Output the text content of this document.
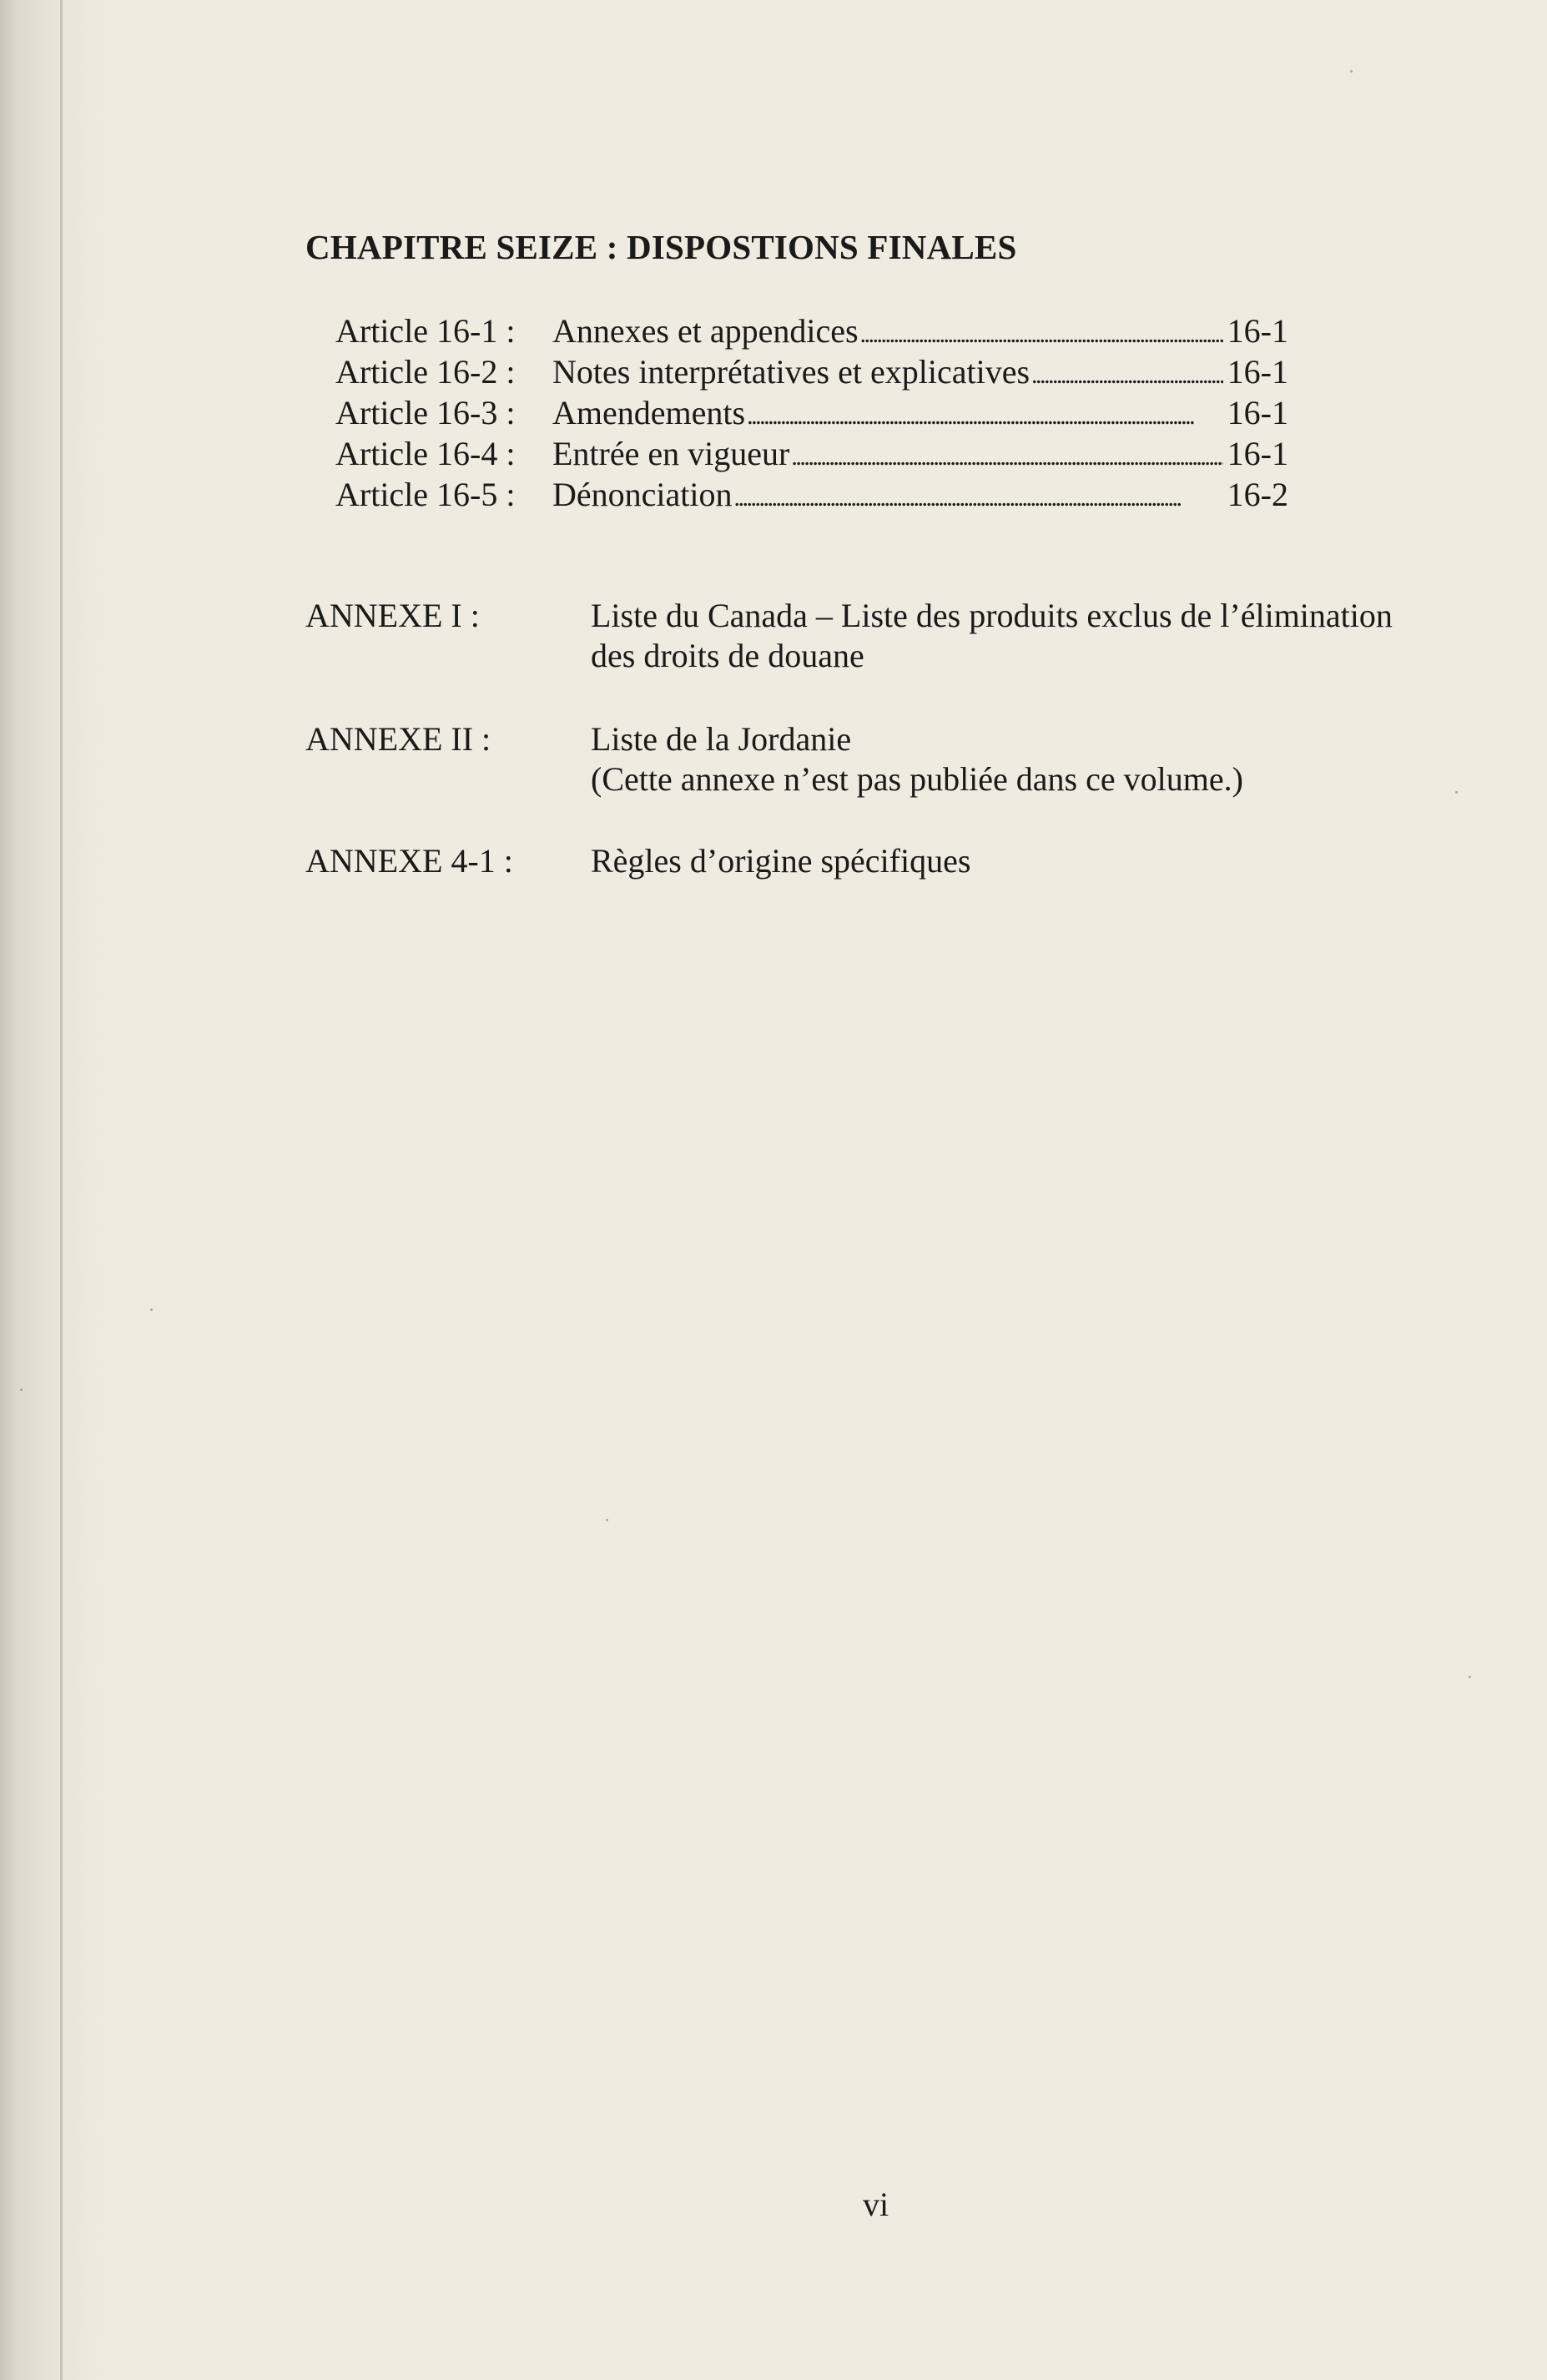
CHAPITRE SEIZE : DISPOSTIONS FINALES
Article 16-1 : Annexes et appendices . . .	16-1
Article 16-2 : Notes interprétatives et explicatives . . .	16-1
Article 16-3 : Amendements . . .	16-1
Article 16-4 : Entrée en vigueur . . .	16-1
Article 16-5 : Dénonciation . . .	16-2
ANNEXE I :	Liste du Canada – Liste des produits exclus de l’élimination
des droits de douane
ANNEXE II :	Liste de la Jordanie
(Cette annexe n’est pas publiée dans ce volume.)
ANNEXE 4-1 : Règles d’origine spécifiques
vi
